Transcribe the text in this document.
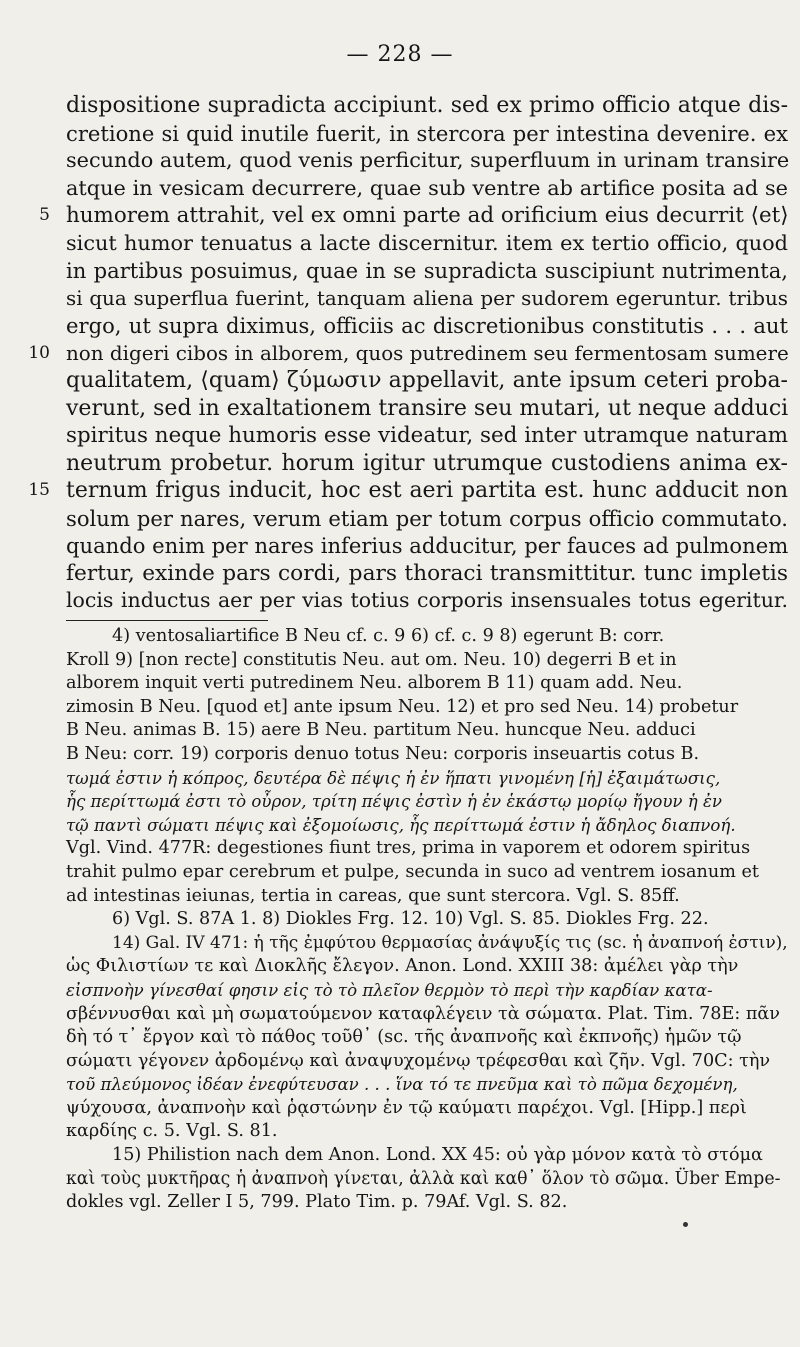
— 228 —
dispositione supradicta accipiunt. sed ex primo officio atque dis-
cretione si quid inutile fuerit, in stercora per intestina devenire. ex
secundo autem, quod venis perficitur, superfluum in urinam transire
atque in vesicam decurrere, quae sub ventre ab artifice posita ad se
5 humorem attrahit, vel ex omni parte ad orificium eius decurrit ⟨et⟩
sicut humor tenuatus a lacte discernitur. item ex tertio officio, quod
in partibus posuimus, quae in se supradicta suscipiunt nutrimenta,
si qua superflua fuerint, tanquam aliena per sudorem egeruntur. tribus
ergo, ut supra diximus, officiis ac discretionibus constitutis . . . aut
10 non digeri cibos in alborem, quos putredinem seu fermentosam sumere
qualitatem, ⟨quam⟩ ζύμωσιν appellavit, ante ipsum ceteri proba-
verunt, sed in exaltationem transire seu mutari, ut neque adduci
spiritus neque humoris esse videatur, sed inter utramque naturam
neutrum probetur. horum igitur utrumque custodiens anima ex-
15 ternum frigus inducit, hoc est aeri partita est. hunc adducit non
solum per nares, verum etiam per totum corpus officio commutato.
quando enim per nares inferius adducitur, per fauces ad pulmonem
fertur, exinde pars cordi, pars thoraci transmittitur. tunc impletis
locis inductus aer per vias totius corporis insensuales totus egeritur.
4) ventosaliartifice B Neu cf. c. 9 6) cf. c. 9 8) egerunt B: corr.
Kroll 9) [non recte] constitutis Neu. aut om. Neu. 10) degerri B et in
alborem inquit verti putredinem Neu. alborem B 11) quam add. Neu.
zimosin B Neu. [quod et] ante ipsum Neu. 12) et pro sed Neu. 14) probetur
B Neu. animas B. 15) aere B Neu. partitum Neu. huncque Neu. adduci
B Neu: corr. 19) corporis denuo totus Neu: corporis inseuartis cotus B.
τωμά ἐστιν ἡ κόπρος, δευτέρα δὲ πέψις ἡ ἐν ἥπατι γινομένη [ἡ] ἐξαιμάτωσις,
ἧς περίττωμά ἐστι τὸ οὖρον, τρίτη πέψις ἐστὶν ἡ ἐν ἑκάστῳ μορίῳ ἤγουν ἡ ἐν
τῷ παντὶ σώματι πέψις καὶ ἐξομοίωσις, ἧς περίττωμά ἐστιν ἡ ἄδηλος διαπνοή.
Vgl. Vind. 477R: degestiones fiunt tres, prima in vaporem et odorem spiritus
trahit pulmo epar cerebrum et pulpe, secunda in suco ad ventrem iosanum et
ad intestinas ieiunas, tertia in careas, que sunt stercora. Vgl. S. 85ff.
6) Vgl. S. 87A 1. 8) Diokles Frg. 12. 10) Vgl. S. 85. Diokles Frg. 22.
14) Gal. IV 471: ἡ τῆς ἐμφύτου θερμασίας ἀνάψυξίς τις (sc. ἡ ἀναπνοή ἐστιν),
ὡς Φιλιστίων τε καὶ Διοκλῆς ἔλεγον. Anon. Lond. XXIII 38: ἀμέλει γὰρ τὴν
εἰσπνοὴν γίνεσθαί φησιν εἰς τὸ τὸ πλεῖον θερμὸν τὸ περὶ τὴν καρδίαν κατα-
σβέννυσθαι καὶ μὴ σωματούμενον καταφλέγειν τὰ σώματα. Plat. Tim. 78E: πᾶν
δὴ τό τ᾽ ἔργον καὶ τὸ πάθος τοῦθ᾽ (sc. τῆς ἀναπνοῆς καὶ ἐκπνοῆς) ἡμῶν τῷ
σώματι γέγονεν ἀρδομένῳ καὶ ἀναψυχομένῳ τρέφεσθαι καὶ ζῆν. Vgl. 70C: τὴν
τοῦ πλεύμονος ἰδέαν ἐνεφύτευσαν . . . ἵνα τό τε πνεῦμα καὶ τὸ πῶμα δεχομένη,
ψύχουσα, ἀναπνοὴν καὶ ῥᾳστώνην ἐν τῷ καύματι παρέχοι. Vgl. [Hipp.] περὶ
καρδίης c. 5. Vgl. S. 81.
15) Philistion nach dem Anon. Lond. XX 45: οὐ γὰρ μόνον κατὰ τὸ στόμα
καὶ τοὺς μυκτῆρας ἡ ἀναπνοὴ γίνεται, ἀλλὰ καὶ καθ᾽ ὅλον τὸ σῶμα. Über Empe-
dokles vgl. Zeller I 5, 799. Plato Tim. p. 79Af. Vgl. S. 82.
